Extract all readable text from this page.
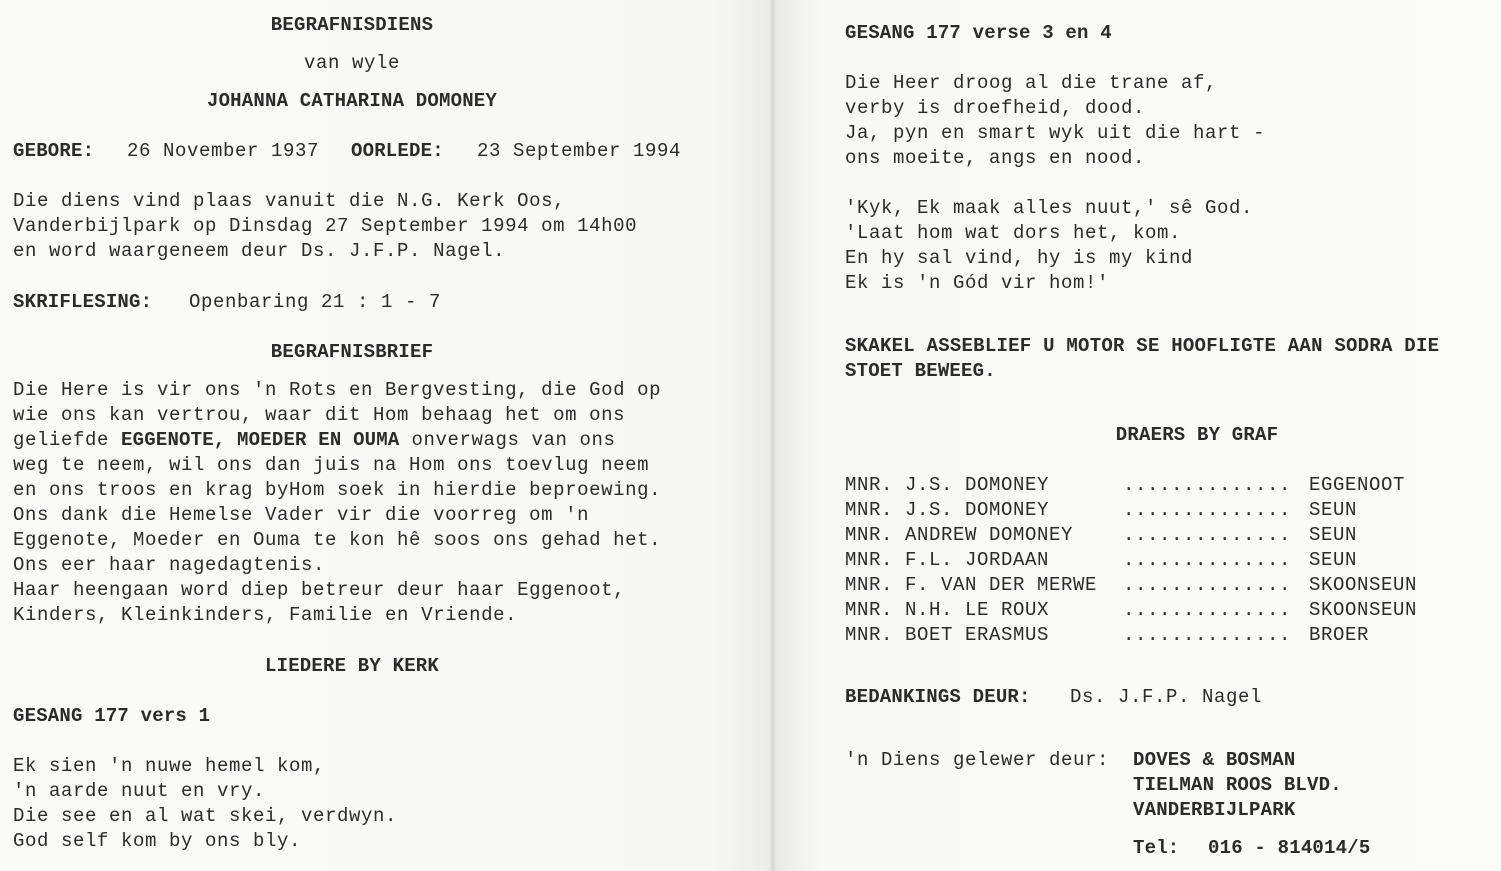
BEGRAFNISDIENS
van wyle
JOHANNA CATHARINA DOMONEY
GEBORE: 26 November 1937 OORLEDE: 23 September 1994
Die diens vind plaas vanuit die N.G. Kerk Oos,
Vanderbijlpark op Dinsdag 27 September 1994 om 14h00
en word waargeneem deur Ds. J.F.P. Nagel.
SKRIFLESING: Openbaring 21 : 1 - 7
BEGRAFNISBRIEF
Die Here is vir ons 'n Rots en Bergvesting, die God op
wie ons kan vertrou, waar dit Hom behaag het om ons
geliefde EGGENOTE, MOEDER EN OUMA onverwags van ons
weg te neem, wil ons dan juis na Hom ons toevlug neem
en ons troos en krag byHom soek in hierdie beproewing.
Ons dank die Hemelse Vader vir die voorreg om 'n
Eggenote, Moeder en Ouma te kon hê soos ons gehad het.
Ons eer haar nagedagtenis.
Haar heengaan word diep betreur deur haar Eggenoot,
Kinders, Kleinkinders, Familie en Vriende.
LIEDERE BY KERK
GESANG 177 vers 1
Ek sien 'n nuwe hemel kom,
'n aarde nuut en vry.
Die see en al wat skei, verdwyn.
God self kom by ons bly.
GESANG 177 verse 3 en 4
Die Heer droog al die trane af,
verby is droefheid, dood.
Ja, pyn en smart wyk uit die hart -
ons moeite, angs en nood.
'Kyk, Ek maak alles nuut,' sê God.
'Laat hom wat dors het, kom.
En hy sal vind, hy is my kind
Ek is 'n Gód vir hom!'
SKAKEL ASSEBLIEF U MOTOR SE HOOFLIGTE AAN SODRA DIE
STOET BEWEEG.
DRAERS BY GRAF
MNR. J.S. DOMONEY	.............. EGGENOOT
MNR. J.S. DOMONEY	.............. SEUN
MNR. ANDREW DOMONEY	.............. SEUN
MNR. F.L. JORDAAN	.............. SEUN
MNR. F. VAN DER MERWE .............. SKOONSEUN
MNR. N.H. LE ROUX	.............. SKOONSEUN
MNR. BOET ERASMUS	.............. BROER
BEDANKINGS DEUR: Ds. J.F.P. Nagel
'n Diens gelewer deur: DOVES & BOSMAN
TIELMAN ROOS BLVD.
VANDERBIJLPARK
Tel: 016 - 814014/5
